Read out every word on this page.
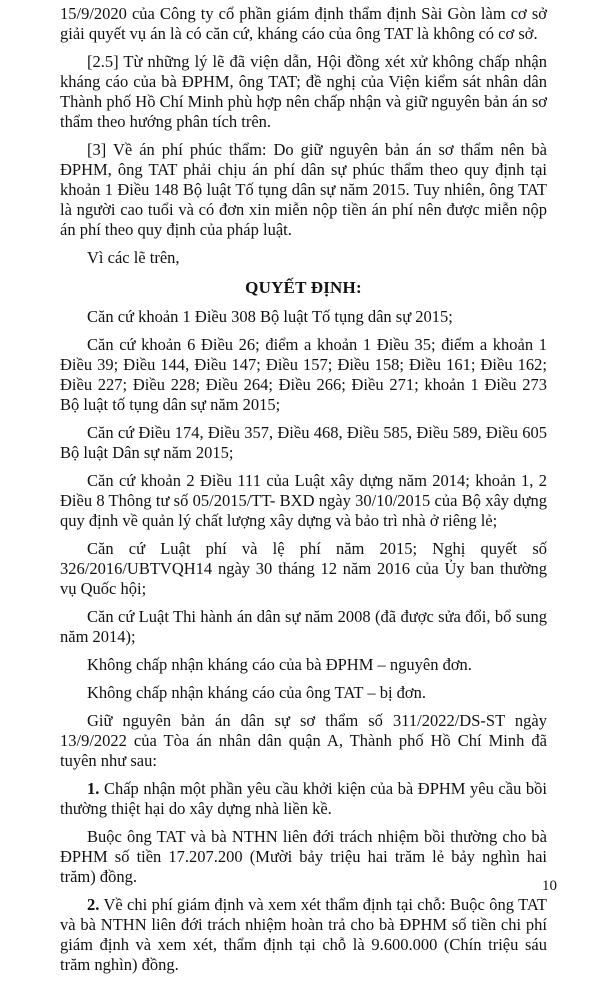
15/9/2020 của Công ty cổ phần giám định thẩm định Sài Gòn làm cơ sở giải quyết vụ án là có căn cứ, kháng cáo của ông TAT là không có cơ sở.

[2.5] Từ những lý lẽ đã viện dẫn, Hội đồng xét xử không chấp nhận kháng cáo của bà ĐPHM, ông TAT; đề nghị của Viện kiểm sát nhân dân Thành phố Hồ Chí Minh phù hợp nên chấp nhận và giữ nguyên bản án sơ thẩm theo hướng phân tích trên.

[3] Về án phí phúc thẩm: Do giữ nguyên bản án sơ thẩm nên bà ĐPHM, ông TAT phải chịu án phí dân sự phúc thẩm theo quy định tại khoản 1 Điều 148 Bộ luật Tố tụng dân sự năm 2015. Tuy nhiên, ông TAT là người cao tuổi và có đơn xin miễn nộp tiền án phí nên được miễn nộp án phí theo quy định của pháp luật.

Vì các lẽ trên,

QUYẾT ĐỊNH:

Căn cứ khoản 1 Điều 308 Bộ luật Tố tụng dân sự 2015;

Căn cứ khoản 6 Điều 26; điểm a khoản 1 Điều 35; điểm a khoản 1 Điều 39; Điều 144, Điều 147; Điều 157; Điều 158; Điều 161; Điều 162; Điều 227; Điều 228; Điều 264; Điều 266; Điều 271; khoản 1 Điều 273 Bộ luật tố tụng dân sự năm 2015;

Căn cứ Điều 174, Điều 357, Điều 468, Điều 585, Điều 589, Điều 605 Bộ luật Dân sự năm 2015;

Căn cứ khoản 2 Điều 111 của Luật xây dựng năm 2014; khoản 1, 2 Điều 8 Thông tư số 05/2015/TT- BXD ngày 30/10/2015 của Bộ xây dựng quy định về quản lý chất lượng xây dựng và bảo trì nhà ở riêng lẻ;

Căn cứ Luật phí và lệ phí năm 2015; Nghị quyết số 326/2016/UBTVQH14 ngày 30 tháng 12 năm 2016 của Ủy ban thường vụ Quốc hội;

Căn cứ Luật Thi hành án dân sự năm 2008 (đã được sửa đổi, bổ sung năm 2014);

Không chấp nhận kháng cáo của bà ĐPHM – nguyên đơn.

Không chấp nhận kháng cáo của ông TAT – bị đơn.

Giữ nguyên bản án dân sự sơ thẩm số 311/2022/DS-ST ngày 13/9/2022 của Tòa án nhân dân quận A, Thành phố Hồ Chí Minh đã tuyên như sau:

1. Chấp nhận một phần yêu cầu khởi kiện của bà ĐPHM yêu cầu bồi thường thiệt hại do xây dựng nhà liền kề.

Buộc ông TAT và bà NTHN liên đới trách nhiệm bồi thường cho bà ĐPHM số tiền 17.207.200 (Mười bảy triệu hai trăm lẻ bảy nghìn hai trăm) đồng.

2. Về chi phí giám định và xem xét thẩm định tại chỗ: Buộc ông TAT và bà NTHN liên đới trách nhiệm hoàn trả cho bà ĐPHM số tiền chi phí giám định và xem xét, thẩm định tại chỗ là 9.600.000 (Chín triệu sáu trăm nghìn) đồng.

10
